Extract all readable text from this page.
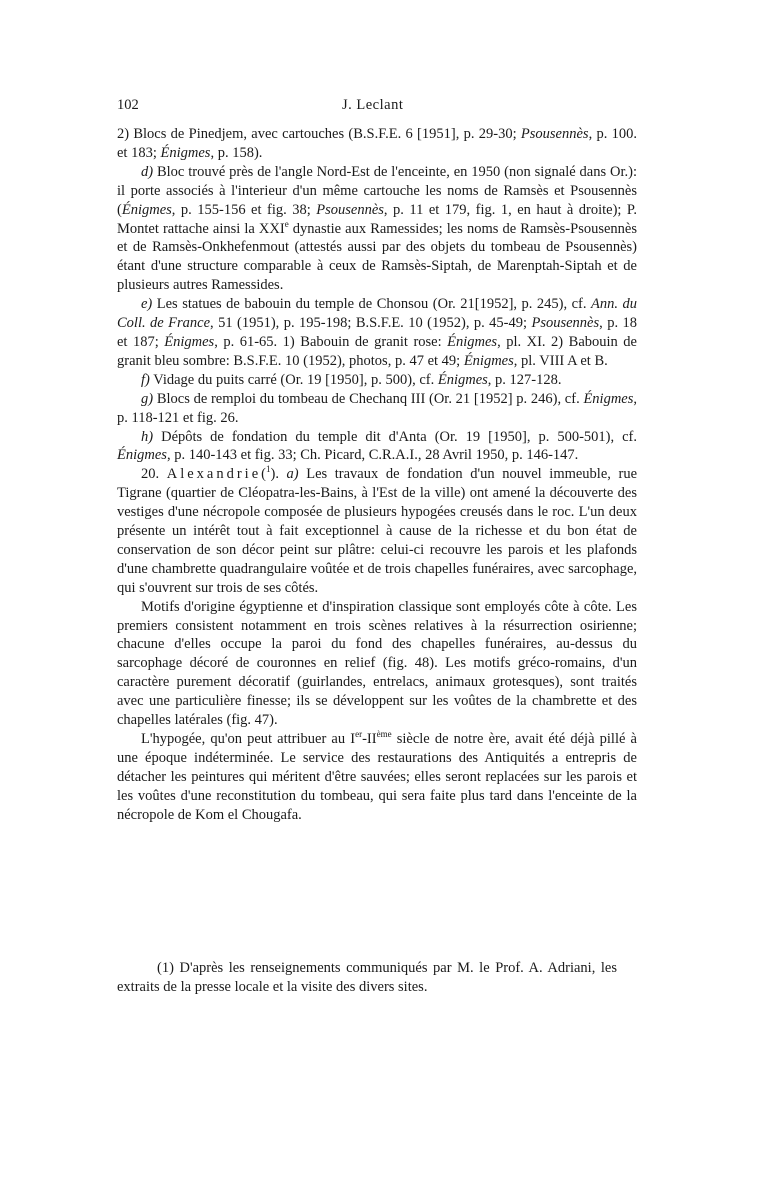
102	J. Leclant

2) Blocs de Pinedjem, avec cartouches (B.S.F.E. 6 [1951], p. 29-30; Psousennès, p. 100. et 183; Énigmes, p. 158).

d) Bloc trouvé près de l'angle Nord-Est de l'enceinte, en 1950 (non signalé dans Or.): il porte associés à l'interieur d'un même cartouche les noms de Ramsès et Psousennès (Énigmes, p. 155-156 et fig. 38; Psousennès, p. 11 et 179, fig. 1, en haut à droite); P. Montet rattache ainsi la XXIe dynastie aux Ramessides; les noms de Ramsès-Psousennès et de Ramsès-Onkhefenmout (attestés aussi par des objets du tombeau de Psousennès) étant d'une structure comparable à ceux de Ramsès-Siptah, de Marenptah-Siptah et de plusieurs autres Ramessides.

e) Les statues de babouin du temple de Chonsou (Or. 21[1952], p. 245), cf. Ann. du Coll. de France, 51 (1951), p. 195-198; B.S.F.E. 10 (1952), p. 45-49; Psousennès, p. 18 et 187; Énigmes, p. 61-65. 1) Babouin de granit rose: Énigmes, pl. XI. 2) Babouin de granit bleu sombre: B.S.F.E. 10 (1952), photos, p. 47 et 49; Énigmes, pl. VIII A et B.

f) Vidage du puits carré (Or. 19 [1950], p. 500), cf. Énigmes, p. 127-128.

g) Blocs de remploi du tombeau de Chechanq III (Or. 21 [1952] p. 246), cf. Énigmes, p. 118-121 et fig. 26.

h) Dépôts de fondation du temple dit d'Anta (Or. 19 [1950], p. 500-501), cf. Énigmes, p. 140-143 et fig. 33; Ch. Picard, C.R.A.I., 28 Avril 1950, p. 146-147.

20. Alexandrie($^1$). a) Les travaux de fondation d'un nouvel immeuble, rue Tigrane (quartier de Cléopatra-les-Bains, à l'Est de la ville) ont amené la découverte des vestiges d'une nécropole composée de plusieurs hypogées creusés dans le roc. L'un deux présente un intérêt tout à fait exceptionnel à cause de la richesse et du bon état de conservation de son décor peint sur plâtre: celui-ci recouvre les parois et les plafonds d'une chambrette quadrangulaire voûtée et de trois chapelles funéraires, avec sarcophage, qui s'ouvrent sur trois de ses côtés.

Motifs d'origine égyptienne et d'inspiration classique sont employés côte à côte. Les premiers consistent notamment en trois scènes relatives à la résurrection osirienne; chacune d'elles occupe la paroi du fond des chapelles funéraires, au-dessus du sarcophage décoré de couronnes en relief (fig. 48). Les motifs gréco-romains, d'un caractère purement décoratif (guirlandes, entrelacs, animaux grotesques), sont traités avec une particulière finesse; ils se développent sur les voûtes de la chambrette et des chapelles latérales (fig. 47).

L'hypogée, qu'on peut attribuer au Ier-IIème siècle de notre ère, avait été déjà pillé à une époque indéterminée. Le service des restaurations des Antiquités a entrepris de détacher les peintures qui méritent d'être sauvées; elles seront replacées sur les parois et les voûtes d'une reconstitution du tombeau, qui sera faite plus tard dans l'enceinte de la nécropole de Kom el Chougafa.

(1) D'après les renseignements communiqués par M. le Prof. A. Adriani, les extraits de la presse locale et la visite des divers sites.
